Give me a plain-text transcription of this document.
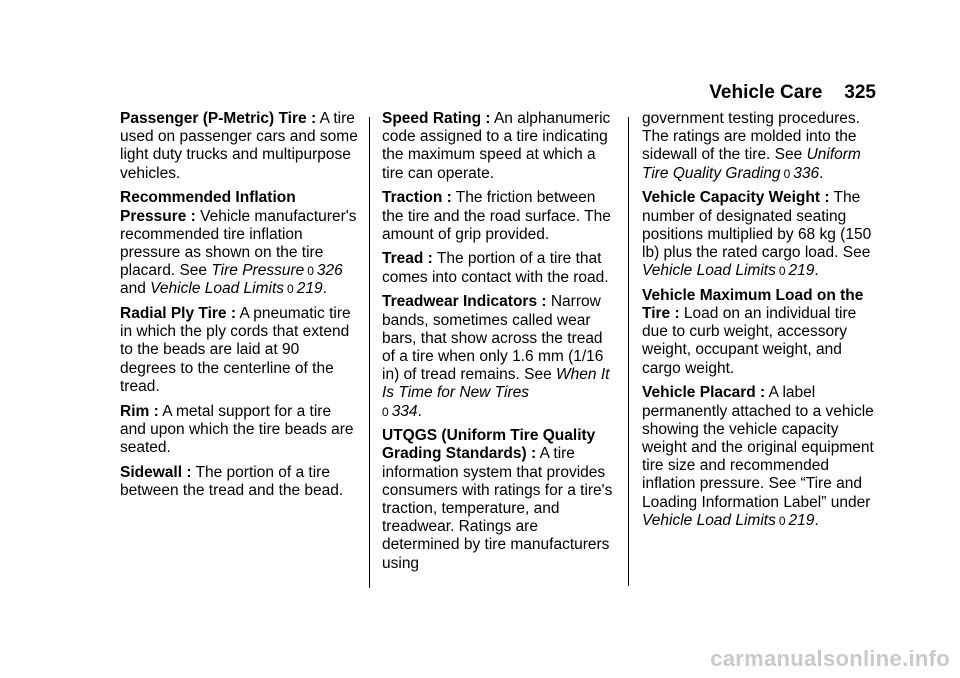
Vehicle Care 325

Passenger (P-Metric) Tire : A tire used on passenger cars and some light duty trucks and multipurpose vehicles.

Recommended Inflation Pressure : Vehicle manufacturer's recommended tire inflation pressure as shown on the tire placard. See Tire Pressure 0 326 and Vehicle Load Limits 0 219.

Radial Ply Tire : A pneumatic tire in which the ply cords that extend to the beads are laid at 90 degrees to the centerline of the tread.

Rim : A metal support for a tire and upon which the tire beads are seated.

Sidewall : The portion of a tire between the tread and the bead.

Speed Rating : An alphanumeric code assigned to a tire indicating the maximum speed at which a tire can operate.

Traction : The friction between the tire and the road surface. The amount of grip provided.

Tread : The portion of a tire that comes into contact with the road.

Treadwear Indicators : Narrow bands, sometimes called wear bars, that show across the tread of a tire when only 1.6 mm (1/16 in) of tread remains. See When It Is Time for New Tires
0 334.

UTQGS (Uniform Tire Quality Grading Standards) : A tire information system that provides consumers with ratings for a tire's traction, temperature, and treadwear. Ratings are determined by tire manufacturers using

government testing procedures. The ratings are molded into the sidewall of the tire. See Uniform Tire Quality Grading 0 336.

Vehicle Capacity Weight : The number of designated seating positions multiplied by 68 kg (150 lb) plus the rated cargo load. See Vehicle Load Limits 0 219.

Vehicle Maximum Load on the Tire : Load on an individual tire due to curb weight, accessory weight, occupant weight, and cargo weight.

Vehicle Placard : A label permanently attached to a vehicle showing the vehicle capacity weight and the original equipment tire size and recommended inflation pressure. See “Tire and Loading Information Label” under Vehicle Load Limits 0 219.

carmanualsonline.info
